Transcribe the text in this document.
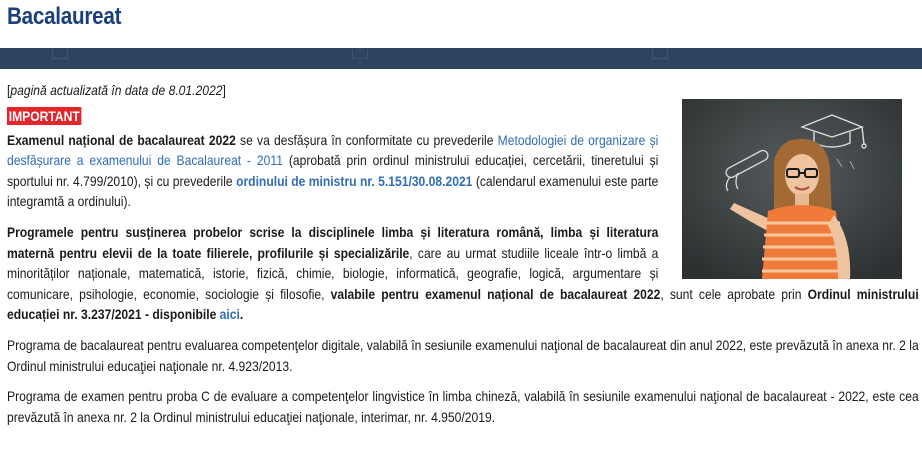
Bacalaureat

[pagină actualizată în data de 8.01.2022]

IMPORTANT

Examenul național de bacalaureat 2022 se va desfășura în conformitate cu prevederile Metodologiei de organizare și desfășurare a examenului de Bacalaureat - 2011 (aprobată prin ordinul ministrului educației, cercetării, tineretului și sportului nr. 4.799/2010), și cu prevederile ordinului de ministru nr. 5.151/30.08.2021 (calendarul examenului este parte integramtă a ordinului).

Programele pentru susținerea probelor scrise la disciplinele limba și literatura română, limba și literatura maternă pentru elevii de la toate filierele, profilurile și specializările, care au urmat studiile liceale într-o limbă a minorităților naționale, matematică, istorie, fizică, chimie, biologie, informatică, geografie, logică, argumentare și comunicare, psihologie, economie, sociologie și filosofie, valabile pentru examenul național de bacalaureat 2022, sunt cele aprobate prin Ordinul ministrului educației nr. 3.237/2021 - disponibile aici.

Programa de bacalaureat pentru evaluarea competenţelor digitale, valabilă în sesiunile examenului naţional de bacalaureat din anul 2022, este prevăzută în anexa nr. 2 la Ordinul ministrului educaţiei naţionale nr. 4.923/2013.

Programa de examen pentru proba C de evaluare a competenţelor lingvistice în limba chineză, valabilă în sesiunile examenului naţional de bacalaureat - 2022, este cea prevăzută în anexa nr. 2 la Ordinul ministrului educaţiei naţionale, interimar, nr. 4.950/2019.
